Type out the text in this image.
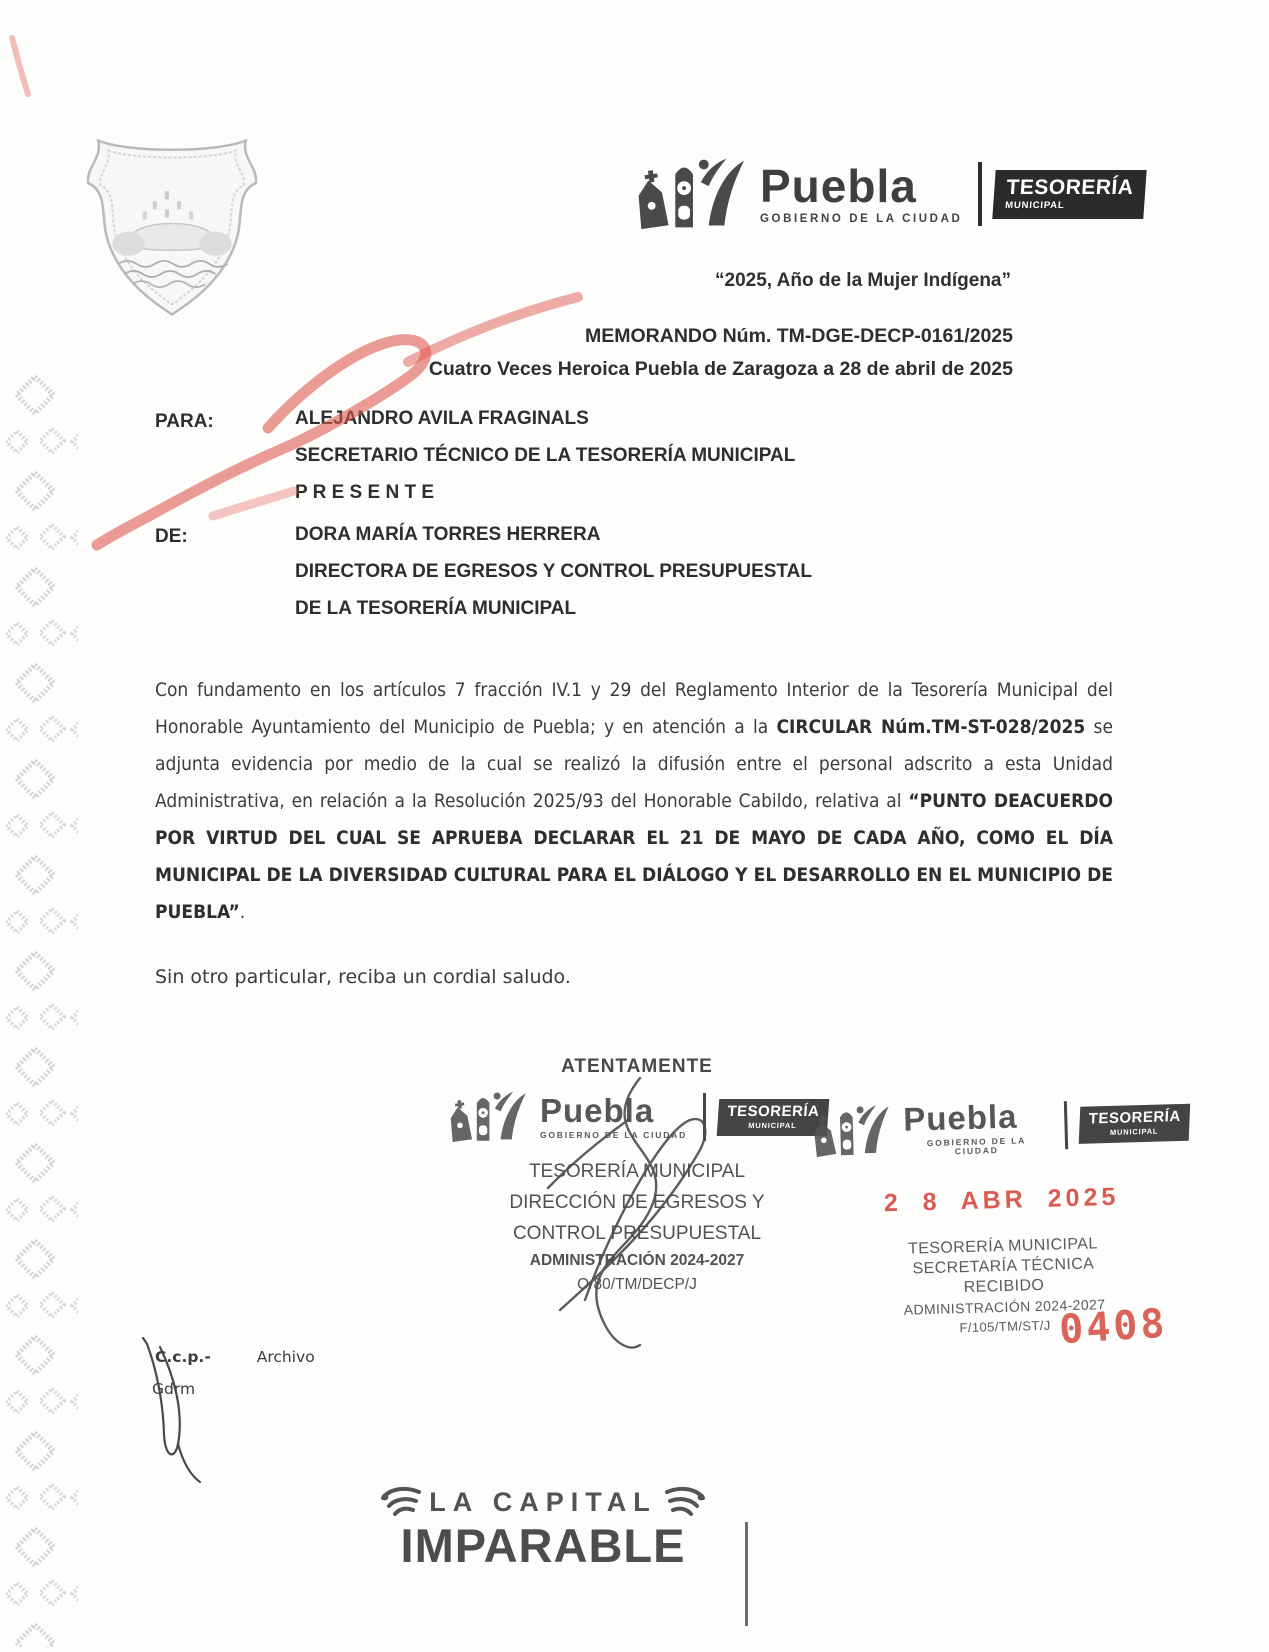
Puebla
GOBIERNO DE LA CIUDAD
TESORERÍA
MUNICIPAL
“2025, Año de la Mujer Indígena”
MEMORANDO Núm. TM-DGE-DECP-0161/2025
Cuatro Veces Heroica Puebla de Zaragoza a 28 de abril de 2025
PARA:	ALEJANDRO AVILA FRAGINALS
SECRETARIO TÉCNICO DE LA TESORERÍA MUNICIPAL
P R E S E N T E
DE:	DORA MARÍA TORRES HERRERA
DIRECTORA DE EGRESOS Y CONTROL PRESUPUESTAL
DE LA TESORERÍA MUNICIPAL
Con fundamento en los artículos 7 fracción IV.1 y 29 del Reglamento Interior de la Tesorería Municipal del Honorable Ayuntamiento del Municipio de Puebla; y en atención a la CIRCULAR Núm.TM-ST-028/2025 se adjunta evidencia por medio de la cual se realizó la difusión entre el personal adscrito a esta Unidad Administrativa, en relación a la Resolución 2025/93 del Honorable Cabildo, relativa al “PUNTO DEACUERDO POR VIRTUD DEL CUAL SE APRUEBA DECLARAR EL 21 DE MAYO DE CADA AÑO, COMO EL DÍA MUNICIPAL DE LA DIVERSIDAD CULTURAL PARA EL DIÁLOGO Y EL DESARROLLO EN EL MUNICIPIO DE PUEBLA”.
Sin otro particular, reciba un cordial saludo.
ATENTAMENTE
Puebla
GOBIERNO DE LA CIUDAD
TESORERÍA
MUNICIPAL
TESORERÍA MUNICIPAL
DIRECCIÓN DE EGRESOS Y
CONTROL PRESUPUESTAL
ADMINISTRACIÓN 2024-2027
O/80/TM/DECP/J
Puebla
GOBIERNO DE LA CIUDAD
TESORERÍA
MUNICIPAL
2 8 ABR 2025
TESORERÍA MUNICIPAL
SECRETARÍA TÉCNICA
RECIBIDO
ADMINISTRACIÓN 2024-2027
F/105/TM/ST/J 0408
C.c.p.-	Archivo
Gdrm
LA CAPITAL
IMPARABLE
